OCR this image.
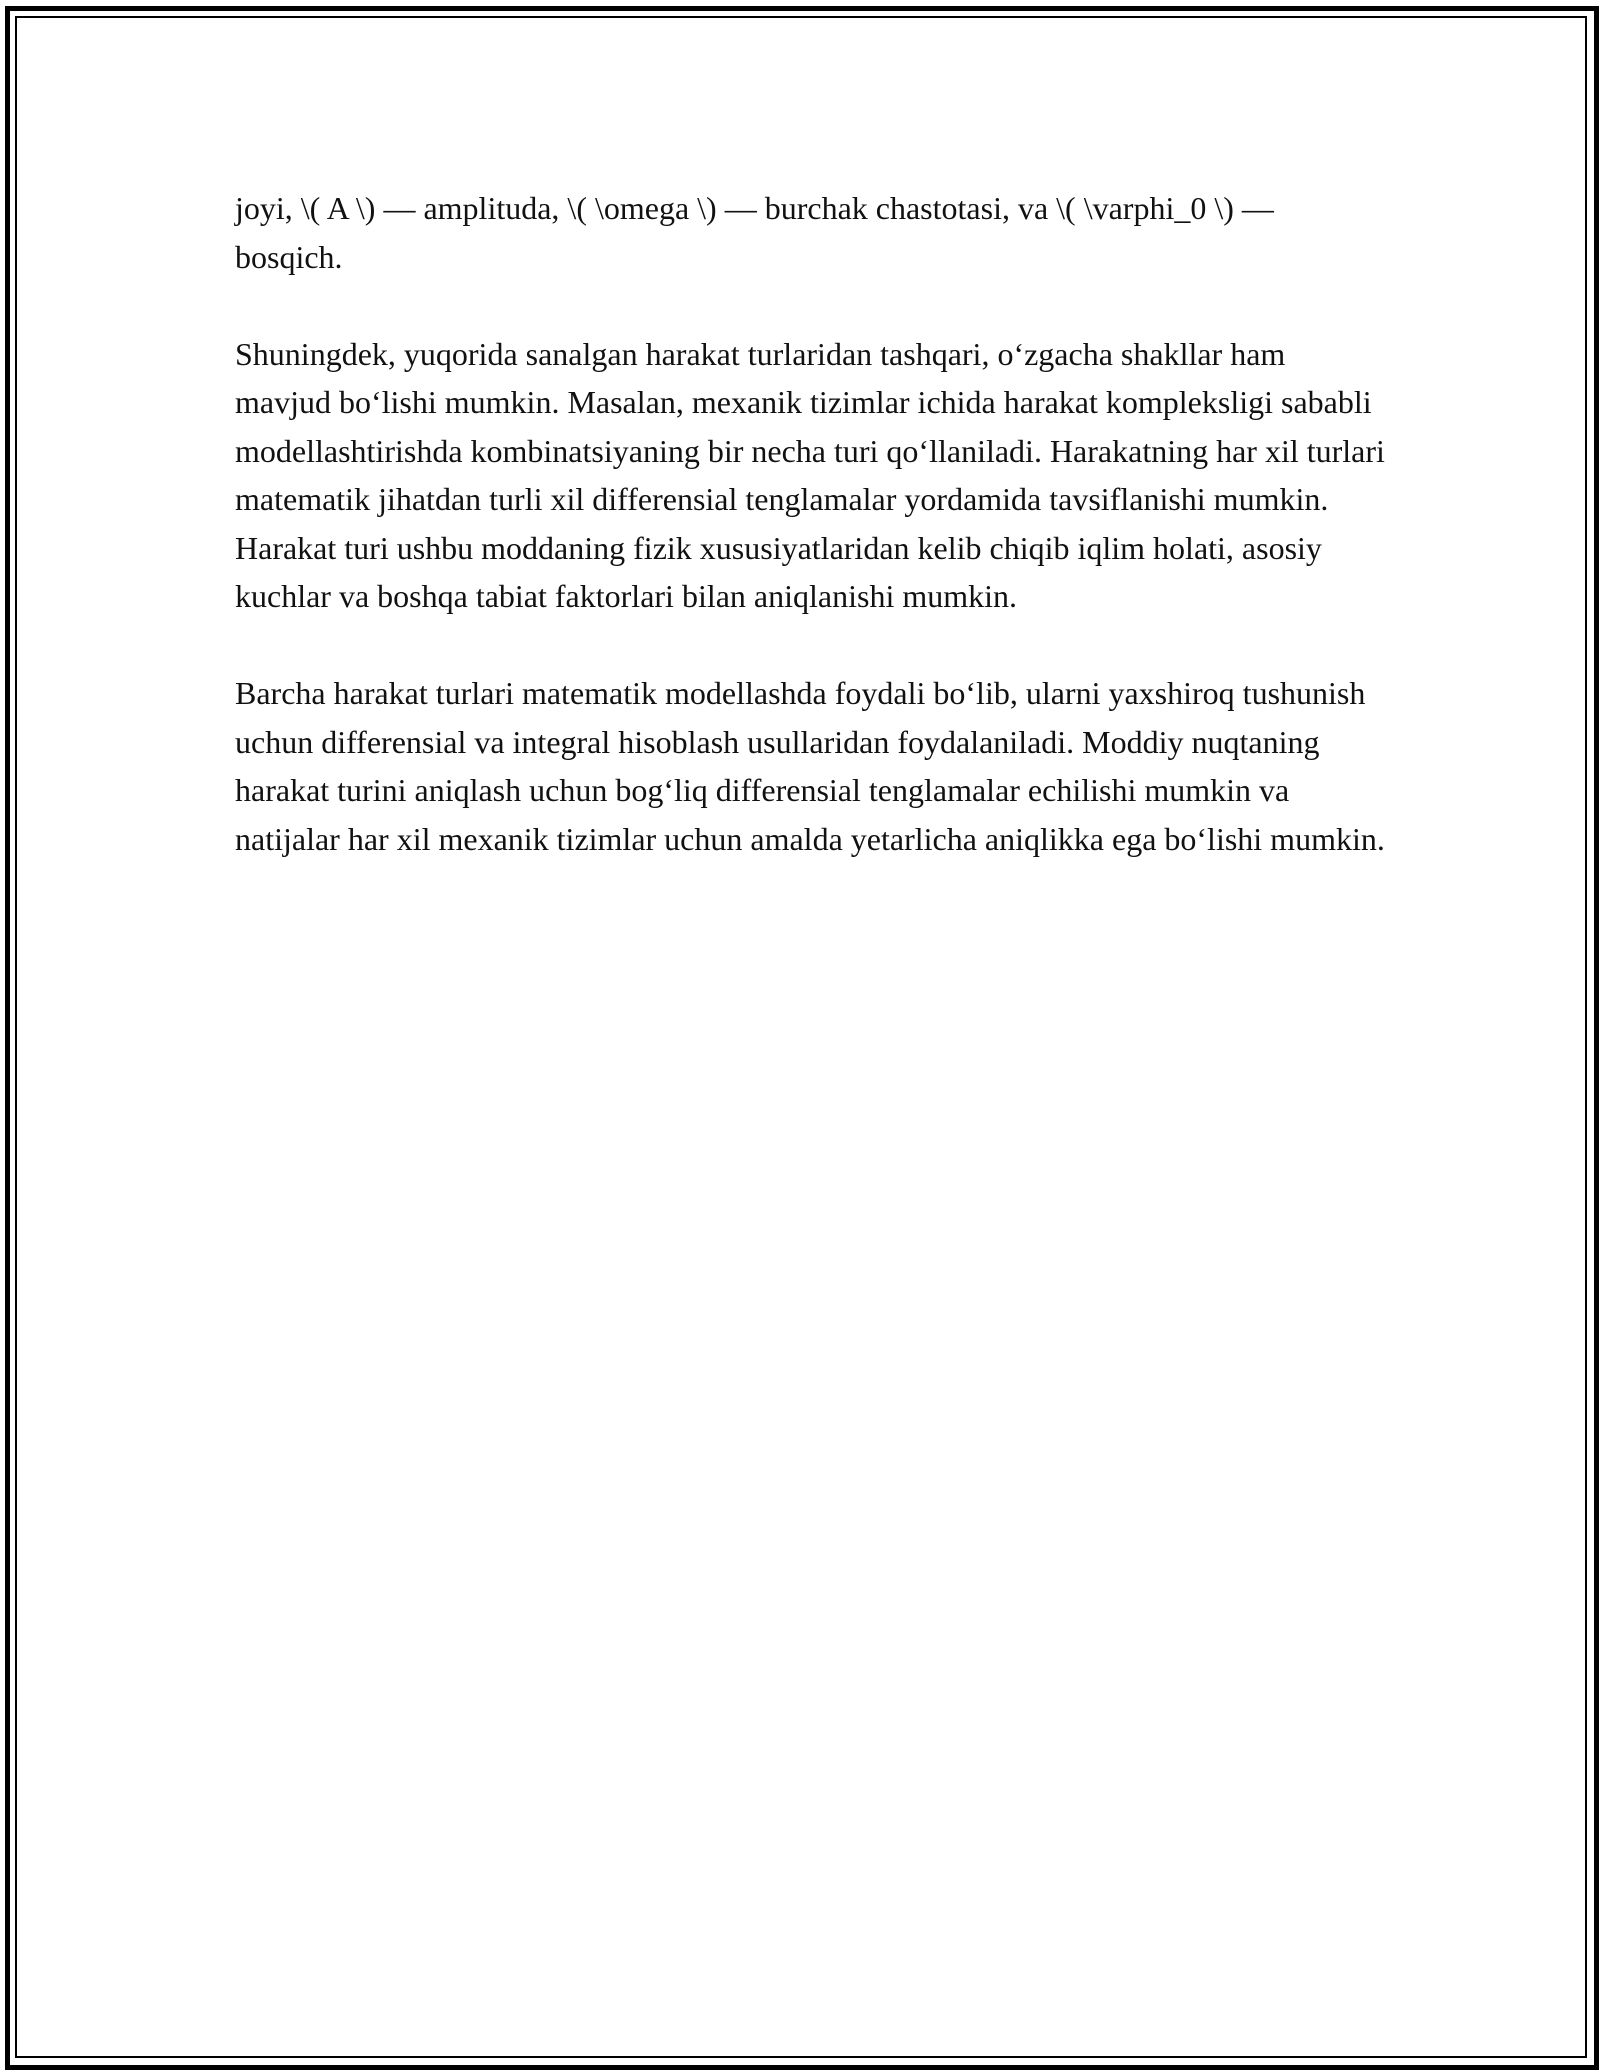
joyi, \( A \) — amplituda, \( \omega \) — burchak chastotasi, va \( \varphi_0 \) — bosqich.

Shuningdek, yuqorida sanalgan harakat turlaridan tashqari, o‘zgacha shakllar ham mavjud bo‘lishi mumkin. Masalan, mexanik tizimlar ichida harakat kompleksligi sababli modellashtirishda kombinatsiyaning bir necha turi qo‘llaniladi. Harakatning har xil turlari matematik jihatdan turli xil differensial tenglamalar yordamida tavsiflanishi mumkin. Harakat turi ushbu moddaning fizik xususiyatlaridan kelib chiqib iqlim holati, asosiy kuchlar va boshqa tabiat faktorlari bilan aniqlanishi mumkin.

Barcha harakat turlari matematik modellashda foydali bo‘lib, ularni yaxshiroq tushunish uchun differensial va integral hisoblash usullaridan foydalaniladi. Moddiy nuqtaning harakat turini aniqlash uchun bog‘liq differensial tenglamalar echilishi mumkin va natijalar har xil mexanik tizimlar uchun amalda yetarlicha aniqlikka ega bo‘lishi mumkin.
